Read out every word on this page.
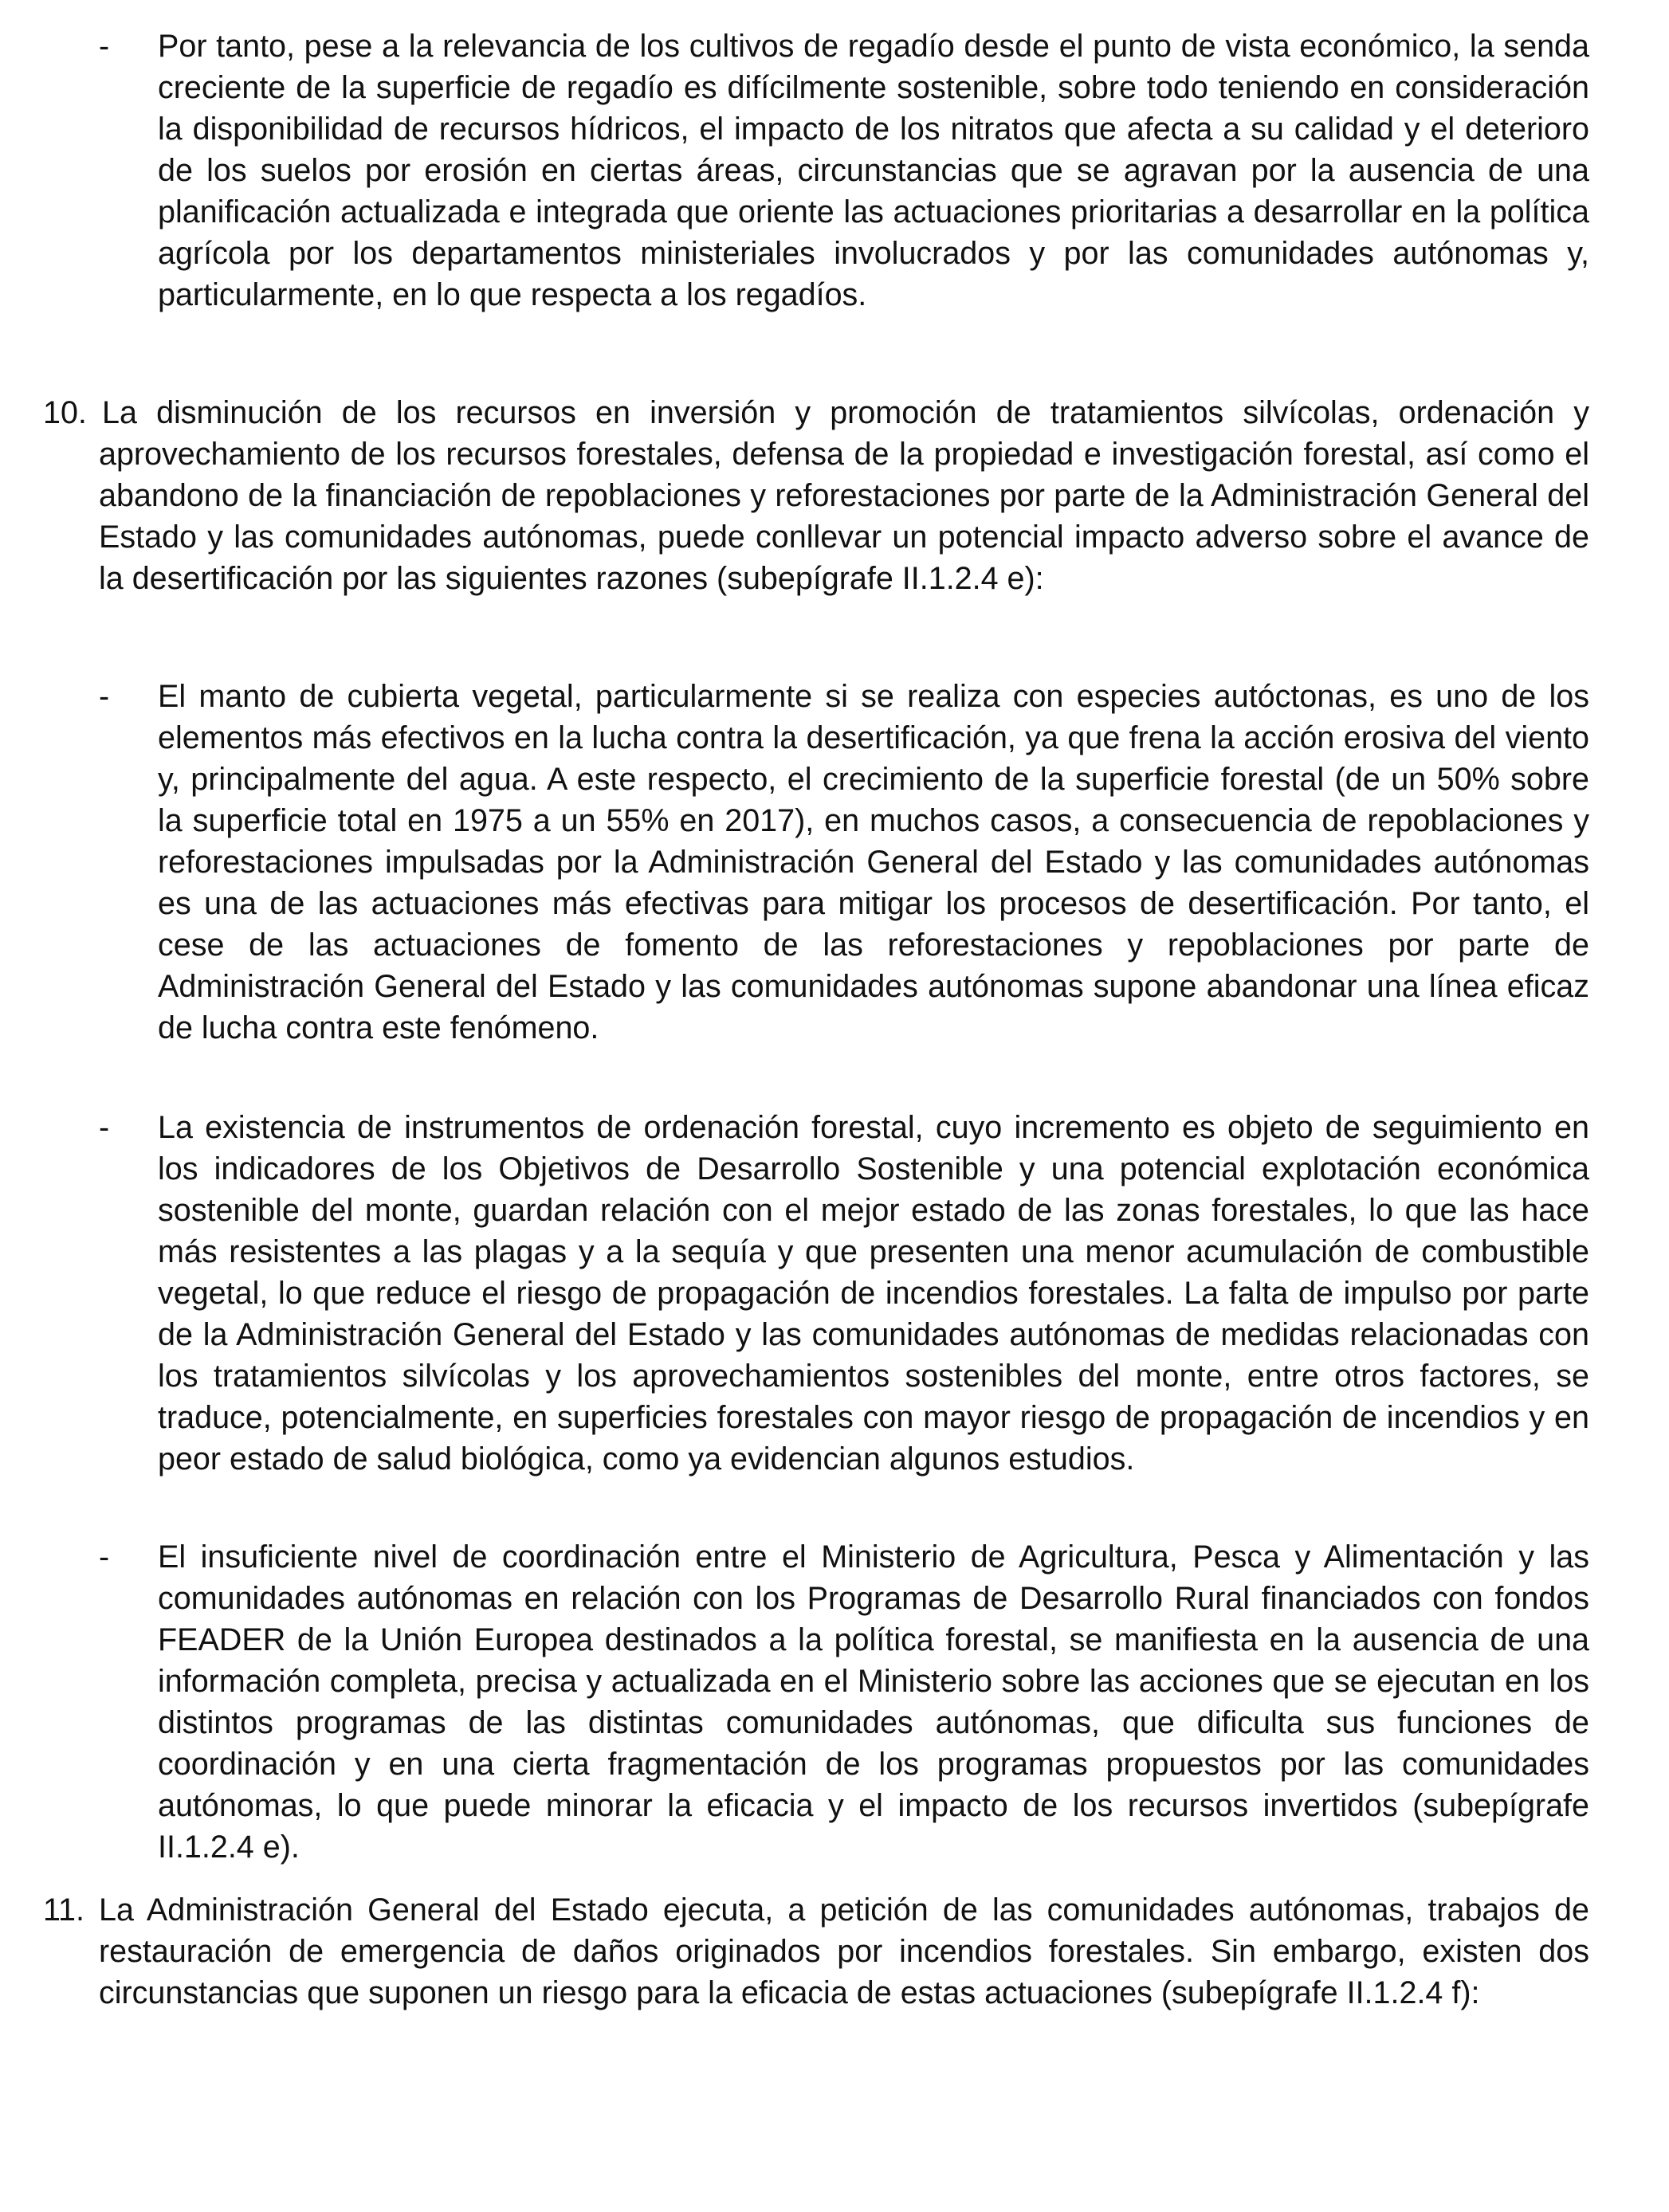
- Por tanto, pese a la relevancia de los cultivos de regadío desde el punto de vista económico, la senda creciente de la superficie de regadío es difícilmente sostenible, sobre todo teniendo en consideración la disponibilidad de recursos hídricos, el impacto de los nitratos que afecta a su calidad y el deterioro de los suelos por erosión en ciertas áreas, circunstancias que se agravan por la ausencia de una planificación actualizada e integrada que oriente las actuaciones prioritarias a desarrollar en la política agrícola por los departamentos ministeriales involucrados y por las comunidades autónomas y, particularmente, en lo que respecta a los regadíos.

10. La disminución de los recursos en inversión y promoción de tratamientos silvícolas, ordenación y aprovechamiento de los recursos forestales, defensa de la propiedad e investigación forestal, así como el abandono de la financiación de repoblaciones y reforestaciones por parte de la Administración General del Estado y las comunidades autónomas, puede conllevar un potencial impacto adverso sobre el avance de la desertificación por las siguientes razones (subepígrafe II.1.2.4 e):

- El manto de cubierta vegetal, particularmente si se realiza con especies autóctonas, es uno de los elementos más efectivos en la lucha contra la desertificación, ya que frena la acción erosiva del viento y, principalmente del agua. A este respecto, el crecimiento de la superficie forestal (de un 50% sobre la superficie total en 1975 a un 55% en 2017), en muchos casos, a consecuencia de repoblaciones y reforestaciones impulsadas por la Administración General del Estado y las comunidades autónomas es una de las actuaciones más efectivas para mitigar los procesos de desertificación. Por tanto, el cese de las actuaciones de fomento de las reforestaciones y repoblaciones por parte de Administración General del Estado y las comunidades autónomas supone abandonar una línea eficaz de lucha contra este fenómeno.

- La existencia de instrumentos de ordenación forestal, cuyo incremento es objeto de seguimiento en los indicadores de los Objetivos de Desarrollo Sostenible y una potencial explotación económica sostenible del monte, guardan relación con el mejor estado de las zonas forestales, lo que las hace más resistentes a las plagas y a la sequía y que presenten una menor acumulación de combustible vegetal, lo que reduce el riesgo de propagación de incendios forestales. La falta de impulso por parte de la Administración General del Estado y las comunidades autónomas de medidas relacionadas con los tratamientos silvícolas y los aprovechamientos sostenibles del monte, entre otros factores, se traduce, potencialmente, en superficies forestales con mayor riesgo de propagación de incendios y en peor estado de salud biológica, como ya evidencian algunos estudios.

- El insuficiente nivel de coordinación entre el Ministerio de Agricultura, Pesca y Alimentación y las comunidades autónomas en relación con los Programas de Desarrollo Rural financiados con fondos FEADER de la Unión Europea destinados a la política forestal, se manifiesta en la ausencia de una información completa, precisa y actualizada en el Ministerio sobre las acciones que se ejecutan en los distintos programas de las distintas comunidades autónomas, que dificulta sus funciones de coordinación y en una cierta fragmentación de los programas propuestos por las comunidades autónomas, lo que puede minorar la eficacia y el impacto de los recursos invertidos (subepígrafe II.1.2.4 e).

11. La Administración General del Estado ejecuta, a petición de las comunidades autónomas, trabajos de restauración de emergencia de daños originados por incendios forestales. Sin embargo, existen dos circunstancias que suponen un riesgo para la eficacia de estas actuaciones (subepígrafe II.1.2.4 f):
